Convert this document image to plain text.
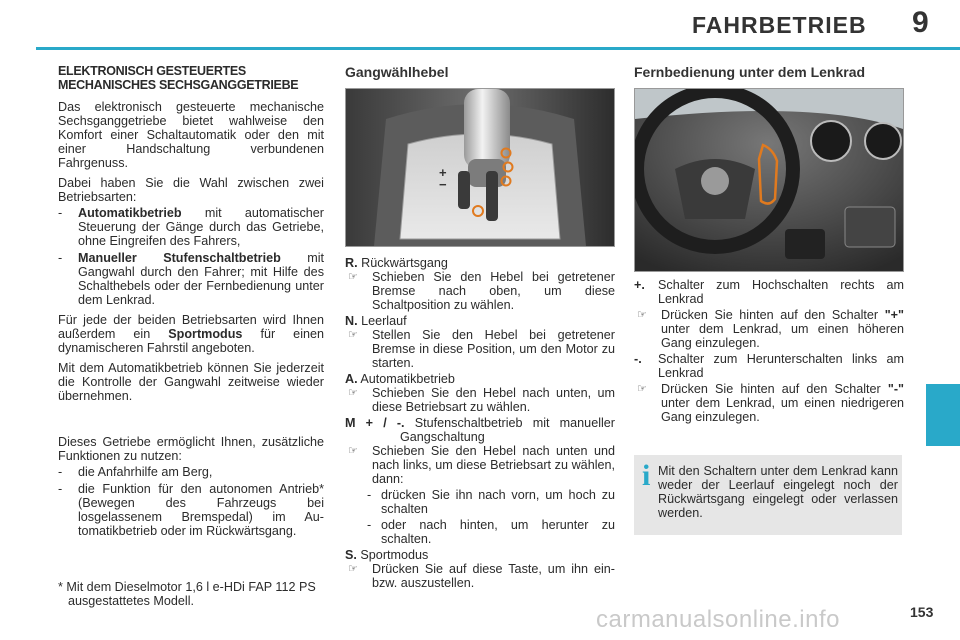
FAHRBETRIEB 9
ELEKTRONISCH GESTEUERTES
MECHANISCHES SECHSGANGGETRIEBE

Das elektronisch gesteuerte mechanische Sechsganggetriebe bietet wahlweise den Komfort einer Schaltautomatik oder den mit einer Handschaltung verbundenen Fahrgenuss.

Dabei haben Sie die Wahl zwischen zwei Betriebsarten:

-	Automatikbetrieb mit automatischer Steuerung der Gänge durch das Getriebe, ohne Eingreifen des Fahrers,
-	Manueller Stufenschaltbetrieb mit Gangwahl durch den Fahrer; mit Hilfe des Schalthebels oder der Fernbedienung unter dem Lenkrad.

Für jede der beiden Betriebsarten wird Ihnen außerdem ein Sportmodus für einen dynamischeren Fahrstil angeboten.

Mit dem Automatikbetrieb können Sie jederzeit die Kontrolle der Gangwahl zeitweise wieder übernehmen.

Dieses Getriebe ermöglicht Ihnen, zusätzliche Funktionen zu nutzen:

-	die Anfahrhilfe am Berg,
-	die Funktion für den autonomen Antrieb* (Bewegen des Fahrzeugs bei losgelassenem Bremspedal) im Automatikbetrieb oder im Rückwärtsgang.
* Mit dem Dieselmotor 1,6 l e-HDi FAP 112 PS ausgestattetes Modell.
Gangwählhebel
+
−
R. Rückwärtsgang
☞	Schieben Sie den Hebel bei getretener Bremse nach oben, um diese Schaltposition zu wählen.
N. Leerlauf
☞	Stellen Sie den Hebel bei getretener Bremse in diese Position, um den Motor zu starten.
A. Automatikbetrieb
☞	Schieben Sie den Hebel nach unten, um diese Betriebsart zu wählen.
M + / -. Stufenschaltbetrieb mit manueller Gangschaltung
☞	Schieben Sie den Hebel nach unten und nach links, um diese Betriebsart zu wählen, dann:
- drücken Sie ihn nach vorn, um hoch zu schalten
- oder nach hinten, um herunter zu schalten.
S. Sportmodus
☞	Drücken Sie auf diese Taste, um ihn ein- bzw. auszustellen.
Fernbedienung unter dem Lenkrad
+.	Schalter zum Hochschalten rechts am Lenkrad
☞	Drücken Sie hinten auf den Schalter "+" unter dem Lenkrad, um einen höheren Gang einzulegen.
-.	Schalter zum Herunterschalten links am Lenkrad
☞	Drücken Sie hinten auf den Schalter "-" unter dem Lenkrad, um einen niedrigeren Gang einzulegen.
i Mit den Schaltern unter dem Lenkrad kann weder der Leerlauf eingelegt noch der Rückwärtsgang eingelegt oder verlassen werden.
carmanualsonline.info	153
